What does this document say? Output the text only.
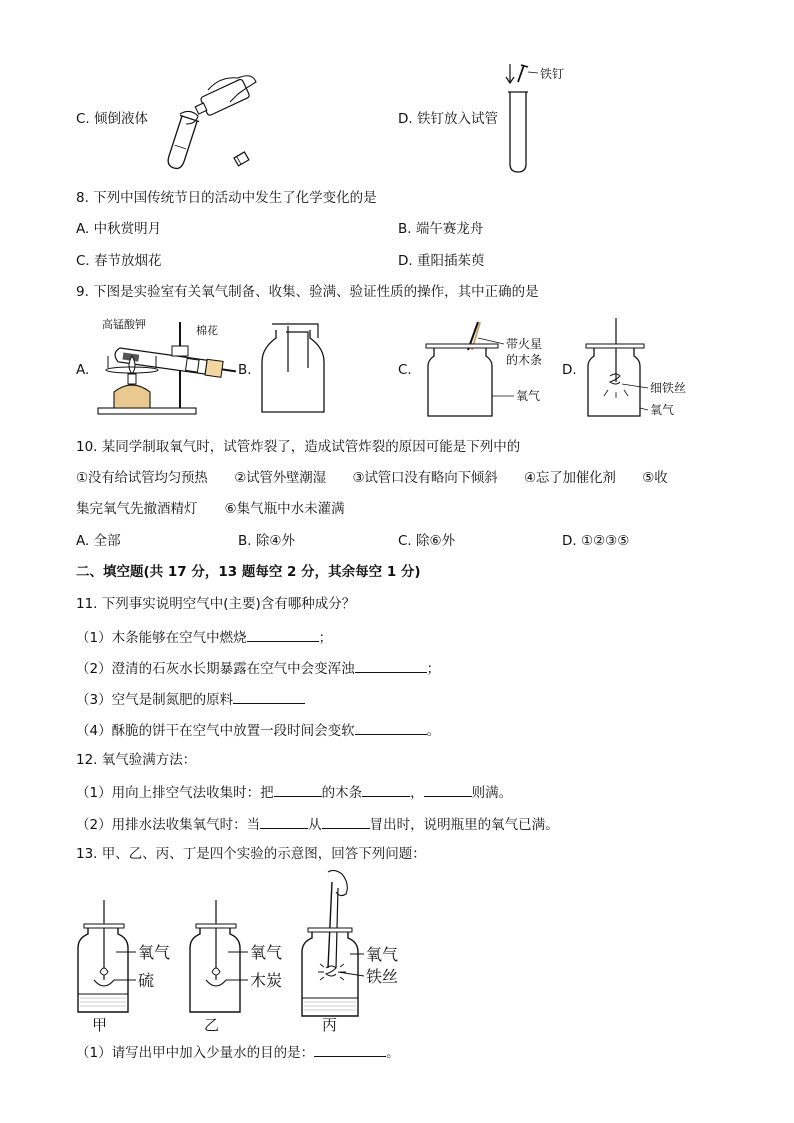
C. 倾倒液体	D. 铁钉放入试管
铁钉
8. 下列中国传统节日的活动中发生了化学变化的是
A. 中秋赏明月	B. 端午赛龙舟
C. 春节放烟花	D. 重阳插茱萸
9. 下图是实验室有关氧气制备、收集、验满、验证性质的操作，其中正确的是
A.
高锰酸钾	棉花
B.	C.
带火星
的木条
氧气
D.
细铁丝
氧气
10. 某同学制取氧气时，试管炸裂了，造成试管炸裂的原因可能是下列中的
①没有给试管均匀预热　　②试管外壁潮湿　　③试管口没有略向下倾斜　　④忘了加催化剂　　⑤收
集完氧气先撤酒精灯　　⑥集气瓶中水未灌满
A. 全部	B. 除④外	C. 除⑥外	D. ①②③⑤
二、填空题(共 17 分，13 题每空 2 分，其余每空 1 分)
11. 下列事实说明空气中(主要)含有哪种成分？
（1）木条能够在空气中燃烧	；
（2）澄清的石灰水长期暴露在空气中会变浑浊	；
（3）空气是制氮肥的原料
（4）酥脆的饼干在空气中放置一段时间会变软	。
12. 氧气验满方法：
（1）用向上排空气法收集时：把	的木条	，	则满。
（2）用排水法收集氧气时：当	从	冒出时，说明瓶里的氧气已满。
13. 甲、乙、丙、丁是四个实验的示意图，回答下列问题：
氧气
硫
甲
氧气
木炭
乙
氧气
铁丝
丙
（1）请写出甲中加入少量水的目的是：	。
